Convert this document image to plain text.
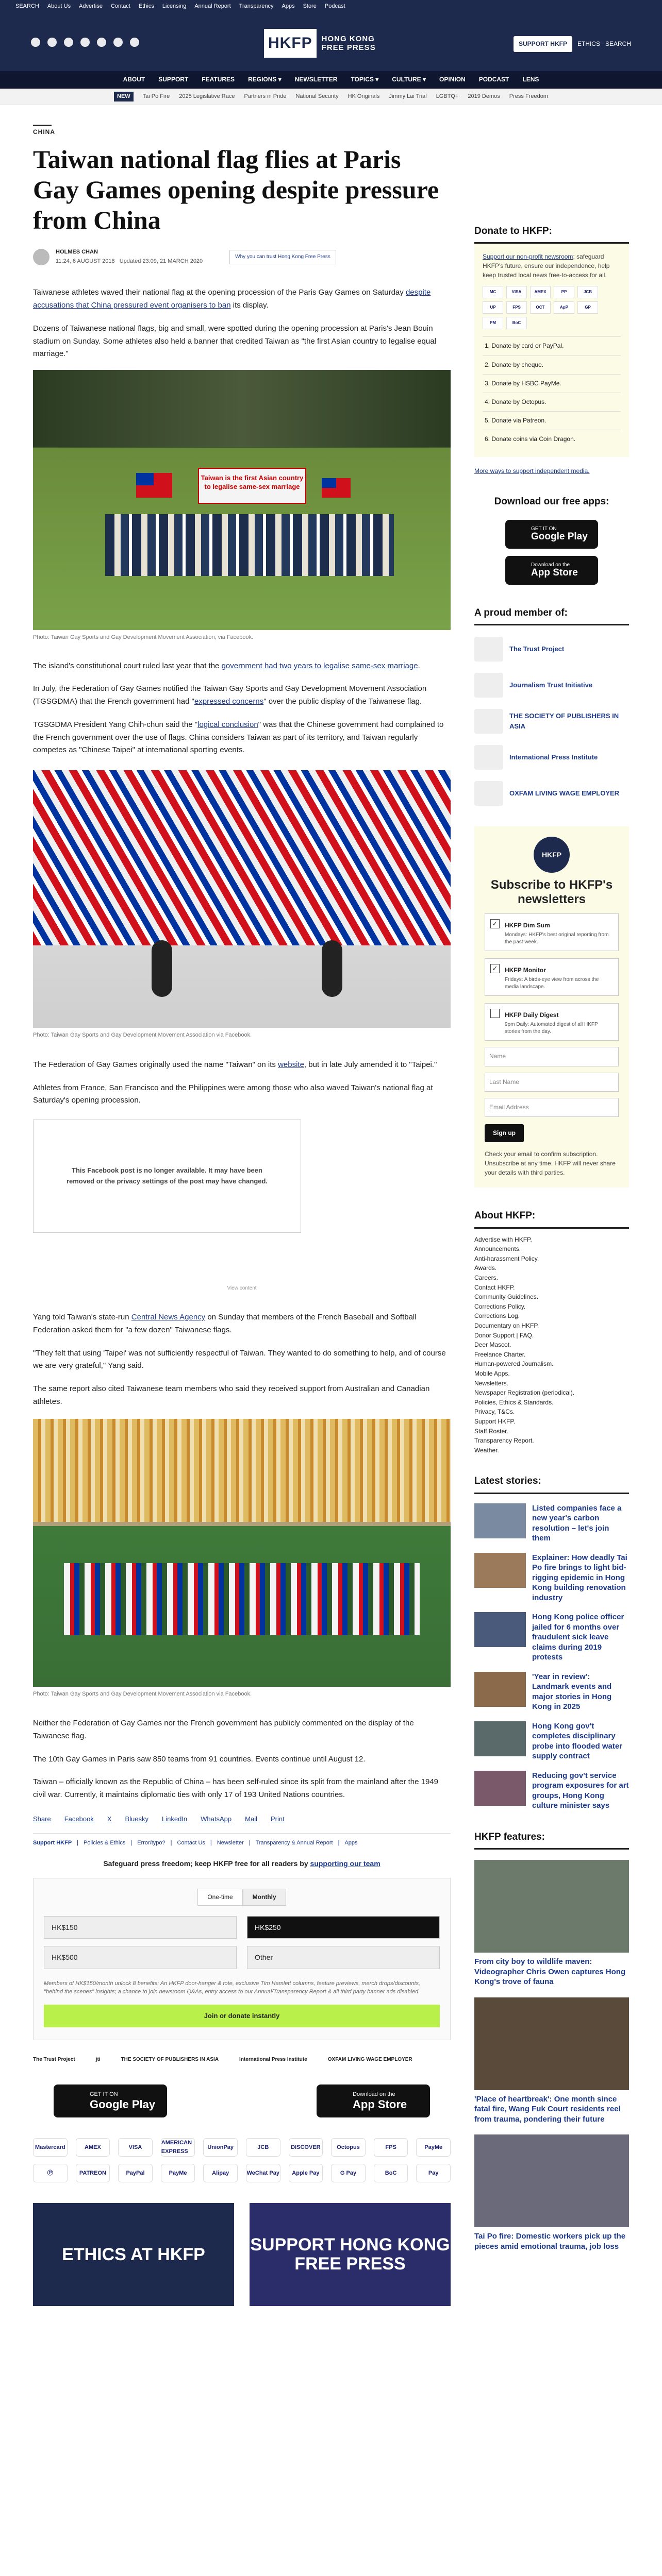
SEARCH About Us Advertise Contact Ethics Licensing Annual Report Transparency Apps Store Podcast
HKFP	HONG KONG
FREE PRESS	SUPPORT HKFP	ETHICS SEARCH
ABOUT SUPPORT FEATURES REGIONS ▾ NEWSLETTER TOPICS ▾ CULTURE ▾ OPINION PODCAST LENS
NEW	Tai Po Fire 2025 Legislative Race Partners in Pride National Security HK Originals Jimmy Lai Trial LGBTQ+ 2019 Demos Press Freedom
CHINA
Taiwan national flag flies at Paris Gay Games opening despite pressure from China
HOLMES CHAN
11:24, 6 AUGUST 2018 Updated 23:09, 21 MARCH 2020
Why you can trust Hong Kong Free Press

Taiwanese athletes waved their national flag at the opening procession of the Paris Gay Games on Saturday despite accusations that China pressured event organisers to ban its display.

Dozens of Taiwanese national flags, big and small, were spotted during the opening procession at Paris's Jean Bouin stadium on Sunday. Some athletes also held a banner that credited Taiwan as "the first Asian country to legalise equal marriage."

Taiwan is the first Asian country to legalise same-sex marriage
Photo: Taiwan Gay Sports and Gay Development Movement Association, via Facebook.

The island's constitutional court ruled last year that the government had two years to legalise same-sex marriage.

In July, the Federation of Gay Games notified the Taiwan Gay Sports and Gay Development Movement Association (TGSGDMA) that the French government had "expressed concerns" over the public display of the Taiwanese flag.

TGSGDMA President Yang Chih-chun said the "logical conclusion" was that the Chinese government had complained to the French government over the use of flags. China considers Taiwan as part of its territory, and Taiwan regularly competes as "Chinese Taipei" at international sporting events.

Photo: Taiwan Gay Sports and Gay Development Movement Association via Facebook.

The Federation of Gay Games originally used the name "Taiwan" on its website, but in late July amended it to "Taipei."

Athletes from France, San Francisco and the Philippines were among those who also waved Taiwan's national flag at Saturday's opening procession.

This Facebook post is no longer available. It may have been removed or the privacy settings of the post may have changed.
View content

Yang told Taiwan's state-run Central News Agency on Sunday that members of the French Baseball and Softball Federation asked them for "a few dozen" Taiwanese flags.

"They felt that using 'Taipei' was not sufficiently respectful of Taiwan. They wanted to do something to help, and of course we are very grateful," Yang said.

The same report also cited Taiwanese team members who said they received support from Australian and Canadian athletes.

Photo: Taiwan Gay Sports and Gay Development Movement Association via Facebook.

Neither the Federation of Gay Games nor the French government has publicly commented on the display of the Taiwanese flag.

The 10th Gay Games in Paris saw 850 teams from 91 countries. Events continue until August 12.

Taiwan – officially known as the Republic of China – has been self-ruled since its split from the mainland after the 1949 civil war. Currently, it maintains diplomatic ties with only 17 of 193 United Nations countries.

Share Facebook X Bluesky LinkedIn WhatsApp Mail Print
Support HKFP | Policies & Ethics | Error/typo? | Contact Us | Newsletter | Transparency & Annual Report | Apps
Safeguard press freedom; keep HKFP free for all readers by supporting our team
One-time	Monthly
HK$150	HK$250
HK$500	Other
Members of HK$150/month unlock 8 benefits: An HKFP door-hanger & tote, exclusive Tim Hamlett columns, feature previews, merch drops/discounts, "behind the scenes" insights; a chance to join newsroom Q&As, entry access to our Annual/Transparency Report & all third party banner ads disabled.
Join or donate instantly
The Trust Project	jti	THE SOCIETY OF PUBLISHERS IN ASIA	International Press Institute	OXFAM LIVING WAGE EMPLOYER
GET IT ON
Google Play
Download on the
App Store
Mastercard	AMEX	VISA
AMERICAN EXPRESS
UnionPay	JCB	DISCOVER	Octopus	FPS	PayMe
Ⓟ	PATREON	PayPal	PayMe	Alipay	WeChat Pay	Apple Pay	G Pay	BoC	Pay
ETHICS AT HKFP	SUPPORT HONG KONG FREE PRESS
Donate to HKFP:
Support our non-profit newsroom; safeguard HKFP's future, ensure our independence, help keep trusted local news free-to-access for all.
MC	VISA	AMEX	PP	JCB
UP	FPS	OCT	ApP	GP
PM	BoC
1. Donate by card or PayPal.
2. Donate by cheque.
3. Donate by HSBC PayMe.
4. Donate by Octopus.
5. Donate via Patreon.
6. Donate coins via Coin Dragon.
More ways to support independent media.
Download our free apps:
GET IT ON
Google Play
Download on the
App Store
A proud member of:
The Trust Project
Journalism Trust Initiative
THE SOCIETY OF PUBLISHERS IN ASIA
International Press Institute
OXFAM LIVING WAGE EMPLOYER
HKFP
Subscribe to HKFP's newsletters
✓ HKFP Dim Sum

Mondays: HKFP's best original reporting from the past week.

✓ HKFP Monitor

Fridays: A birds-eye view from across the media landscape.

HKFP Daily Digest

9pm Daily: Automated digest of all HKFP stories from the day.

Name
Last Name
Email Address
Sign up
Check your email to confirm subscription. Unsubscribe at any time. HKFP will never share your details with third parties.
About HKFP:
Advertise with HKFP.
Announcements.
Anti-harassment Policy.
Awards.
Careers.
Contact HKFP.
Community Guidelines.
Corrections Policy.
Corrections Log.
Documentary on HKFP.
Donor Support | FAQ.
Deer Mascot.
Freelance Charter.
Human-powered Journalism.
Mobile Apps.
Newsletters.
Newspaper Registration (periodical).
Policies, Ethics & Standards.
Privacy, T&Cs.
Support HKFP.
Staff Roster.
Transparency Report.
Weather.
Latest stories:
Listed companies face a new year's carbon resolution – let's join them
Explainer: How deadly Tai Po fire brings to light bid-rigging epidemic in Hong Kong building renovation industry
Hong Kong police officer jailed for 6 months over fraudulent sick leave claims during 2019 protests
'Year in review': Landmark events and major stories in Hong Kong in 2025
Hong Kong gov't completes disciplinary probe into flooded water supply contract
Reducing gov't service program exposures for art groups, Hong Kong culture minister says
HKFP features:
From city boy to wildlife maven: Videographer Chris Owen captures Hong Kong's trove of fauna
'Place of heartbreak': One month since fatal fire, Wang Fuk Court residents reel from trauma, pondering their future
Tai Po fire: Domestic workers pick up the pieces amid emotional trauma, job loss
